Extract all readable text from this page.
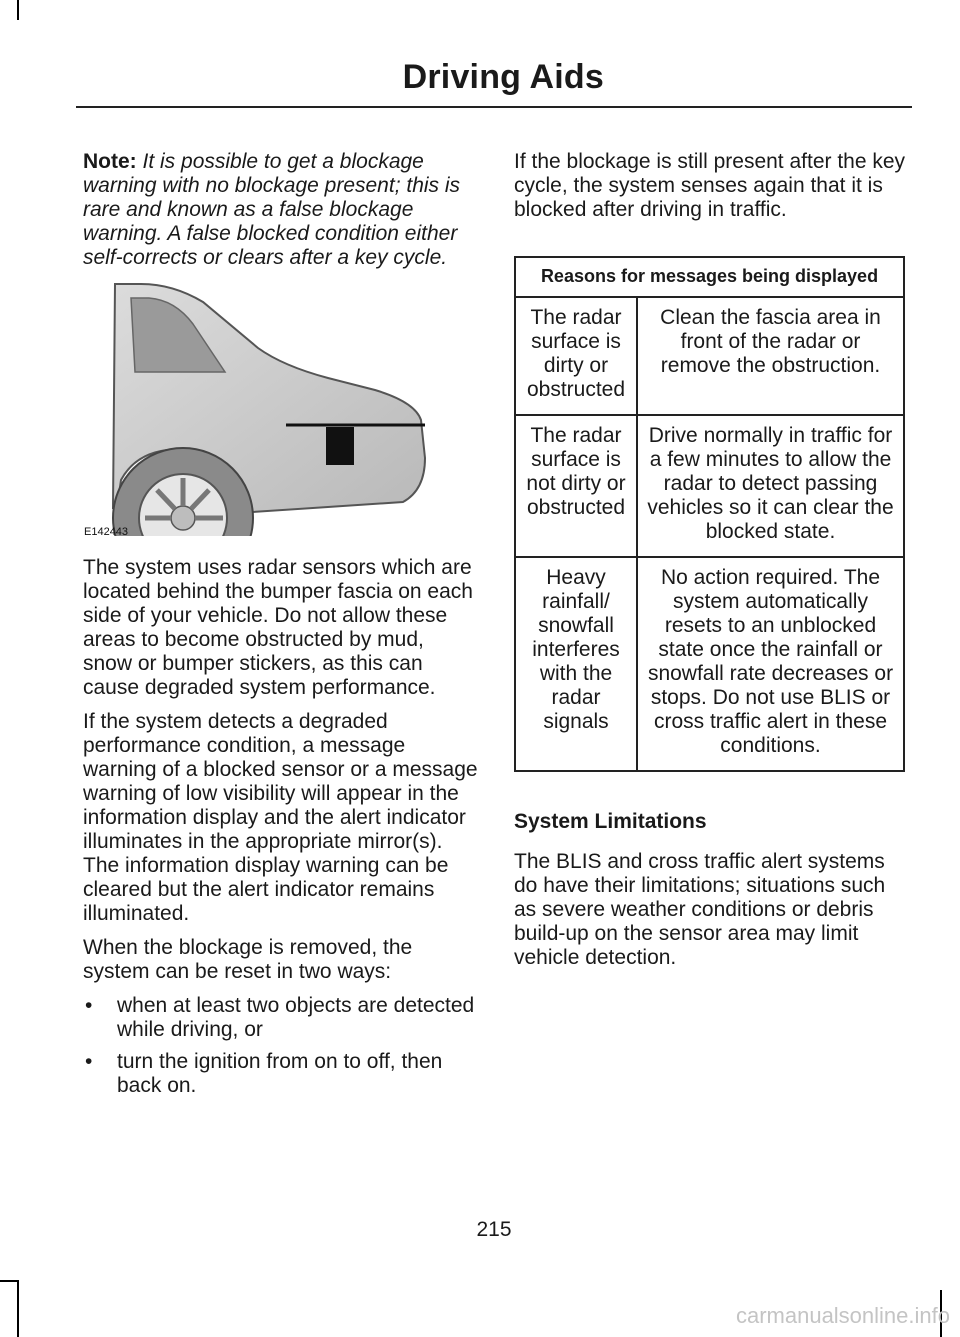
Driving Aids

Note: It is possible to get a blockage warning with no blockage present; this is rare and known as a false blockage warning. A false blocked condition either self-corrects or clears after a key cycle.

E142443

The system uses radar sensors which are located behind the bumper fascia on each side of your vehicle. Do not allow these areas to become obstructed by mud, snow or bumper stickers, as this can cause degraded system performance.

If the system detects a degraded performance condition, a message warning of a blocked sensor or a message warning of low visibility will appear in the information display and the alert indicator illuminates in the appropriate mirror(s). The information display warning can be cleared but the alert indicator remains illuminated.

When the blockage is removed, the system can be reset in two ways:

• when at least two objects are detected while driving, or
• turn the ignition from on to off, then back on.

If the blockage is still present after the key cycle, the system senses again that it is blocked after driving in traffic.

Reasons for messages being displayed	
The radar surface is dirty or obstructed	Clean the fascia area in front of the radar or remove the obstruction.
The radar surface is not dirty or obstructed	Drive normally in traffic for a few minutes to allow the radar to detect passing vehicles so it can clear the blocked state.
Heavy rainfall/ snowfall interferes with the radar signals	No action required. The system automatically resets to an unblocked state once the rainfall or snowfall rate decreases or stops. Do not use BLIS or cross traffic alert in these conditions.
System Limitations

The BLIS and cross traffic alert systems do have their limitations; situations such as severe weather conditions or debris build-up on the sensor area may limit vehicle detection.

215
carmanualsonline.info
